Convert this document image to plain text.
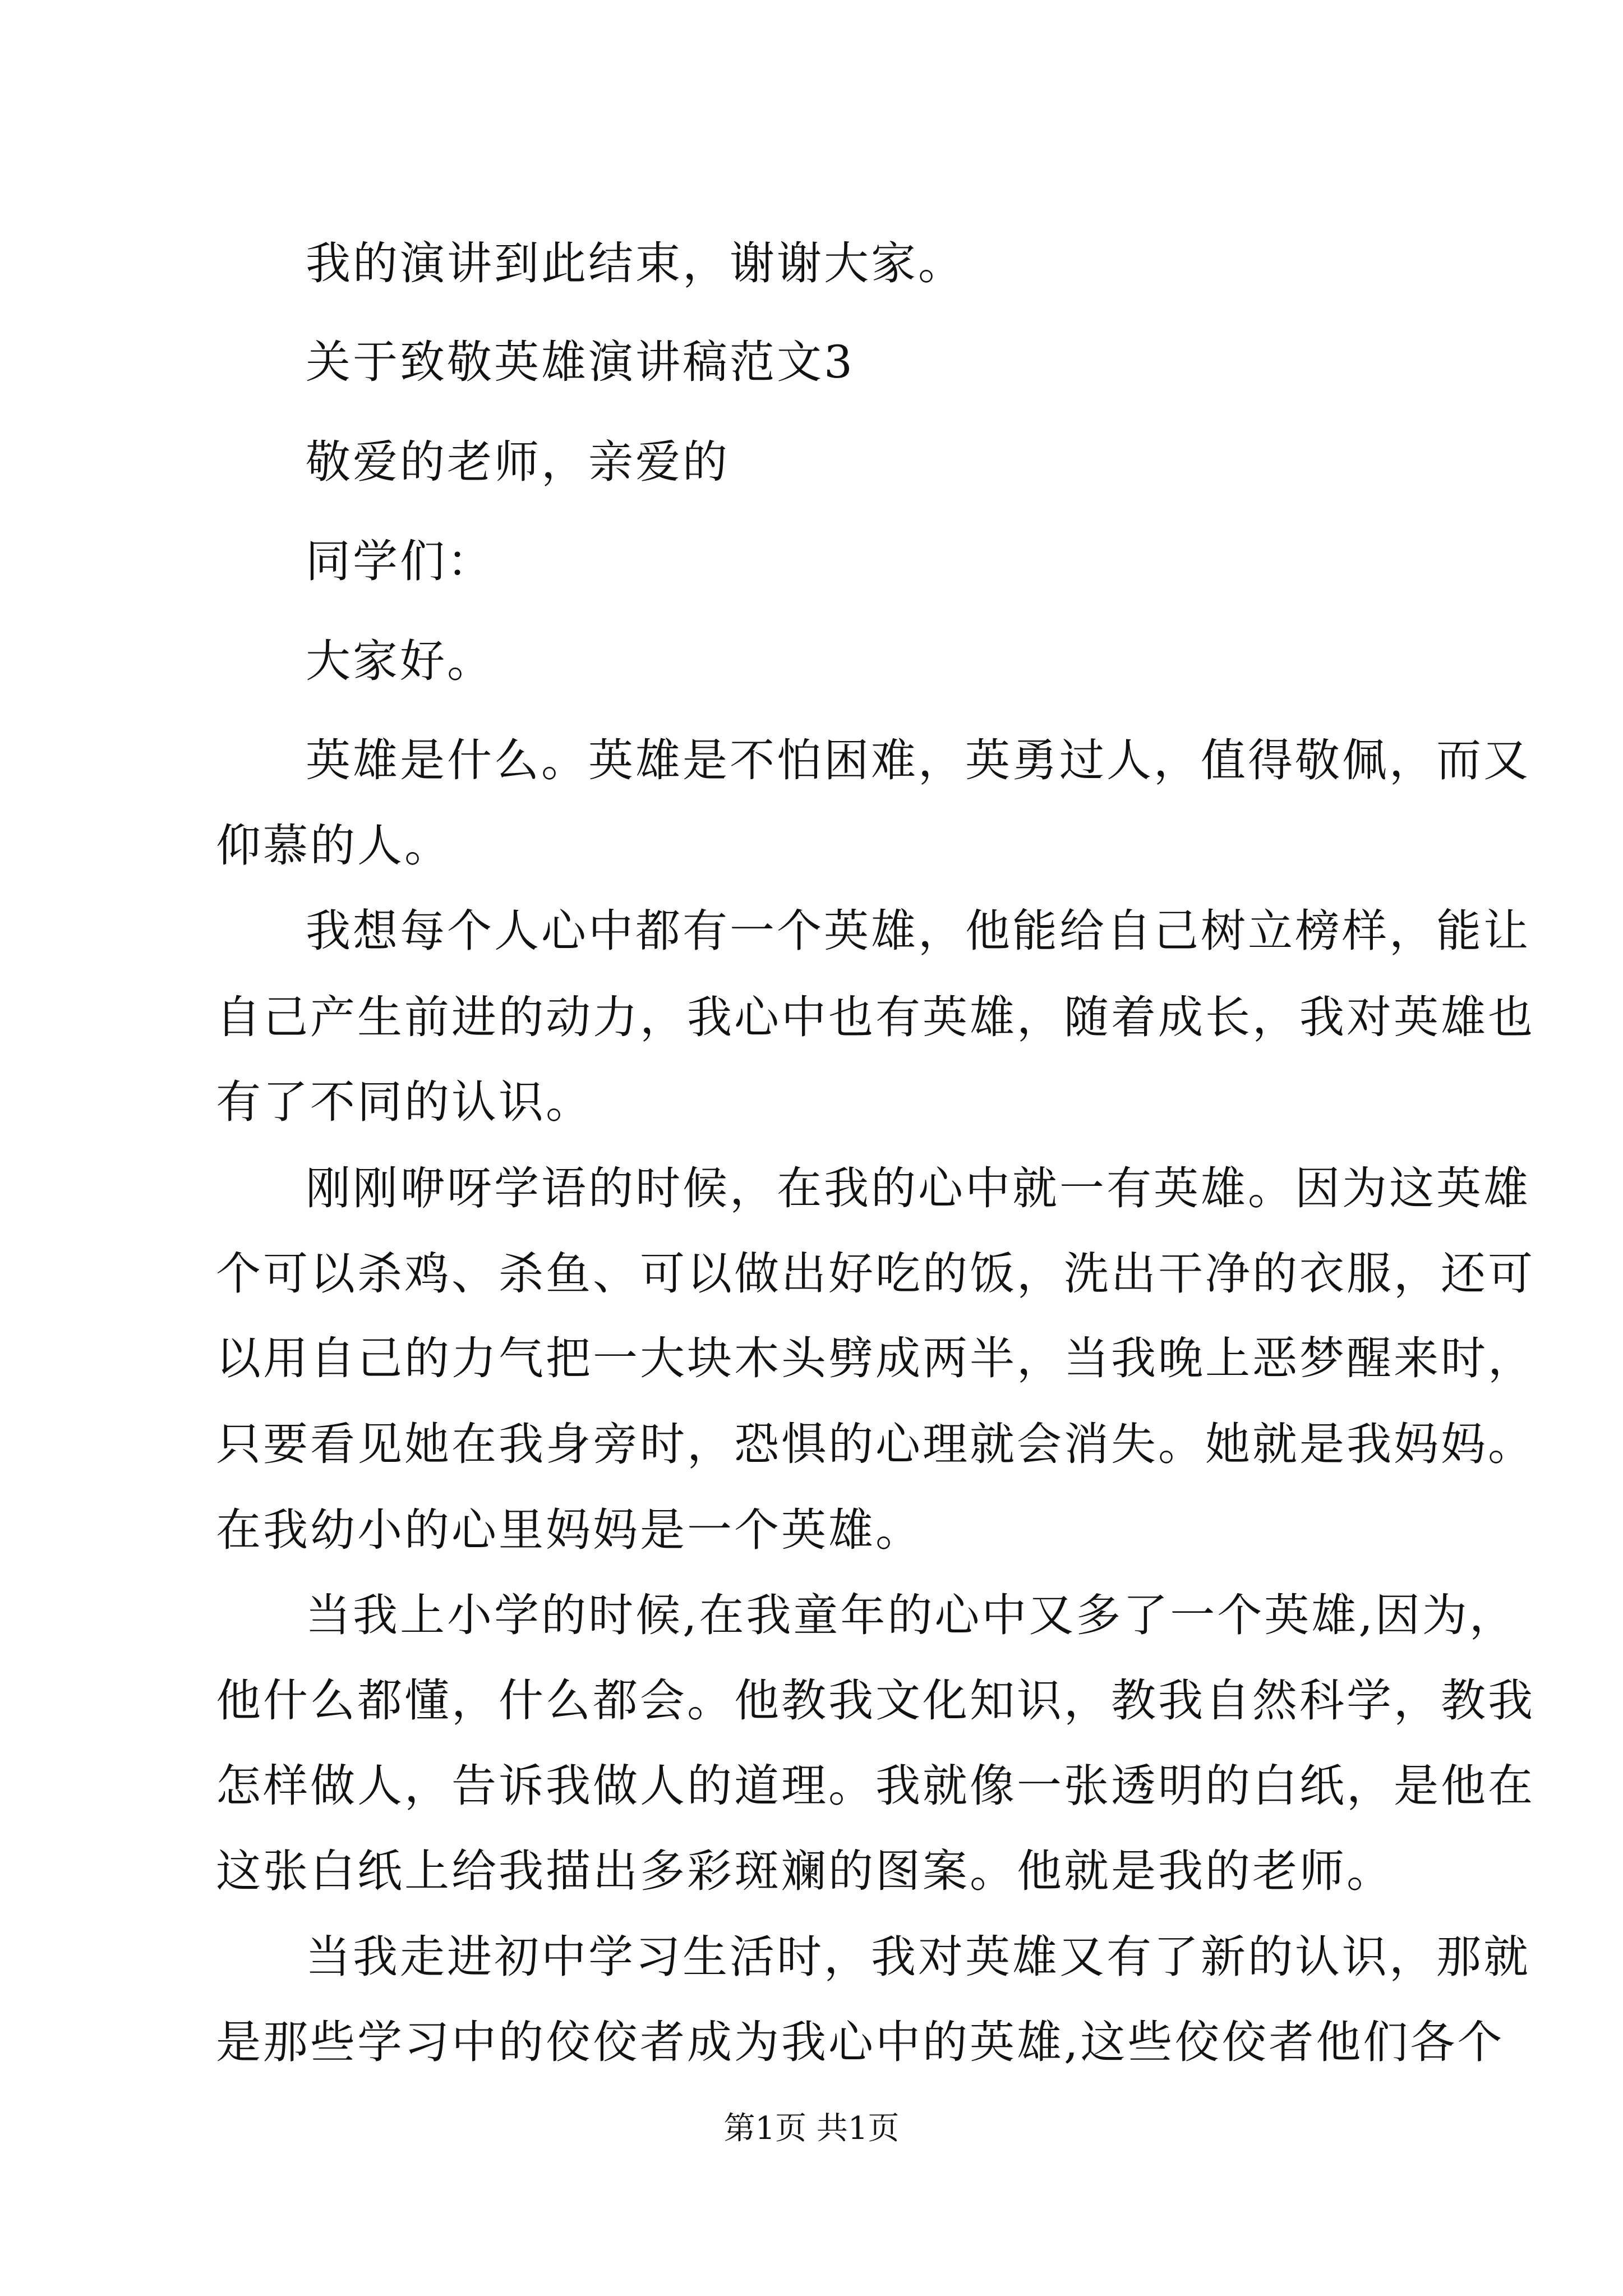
我的演讲到此结束，谢谢大家。

关于致敬英雄演讲稿范文3

敬爱的老师，亲爱的

同学们：

大家好。

英雄是什么。英雄是不怕困难，英勇过人，值得敬佩，而又

仰慕的人。

我想每个人心中都有一个英雄，他能给自己树立榜样，能让

自己产生前进的动力，我心中也有英雄，随着成长，我对英雄也

有了不同的认识。

刚刚咿呀学语的时候，在我的心中就一有英雄。因为这英雄

个可以杀鸡、杀鱼、可以做出好吃的饭，洗出干净的衣服，还可

以用自己的力气把一大块木头劈成两半，当我晚上恶梦醒来时，

只要看见她在我身旁时，恐惧的心理就会消失。她就是我妈妈。

在我幼小的心里妈妈是一个英雄。

当我上小学的时候,在我童年的心中又多了一个英雄,因为，

他什么都懂，什么都会。他教我文化知识，教我自然科学，教我

怎样做人，告诉我做人的道理。我就像一张透明的白纸，是他在

这张白纸上给我描出多彩斑斓的图案。他就是我的老师。

当我走进初中学习生活时，我对英雄又有了新的认识，那就

是那些学习中的佼佼者成为我心中的英雄,这些佼佼者他们各个

第1页 共1页
